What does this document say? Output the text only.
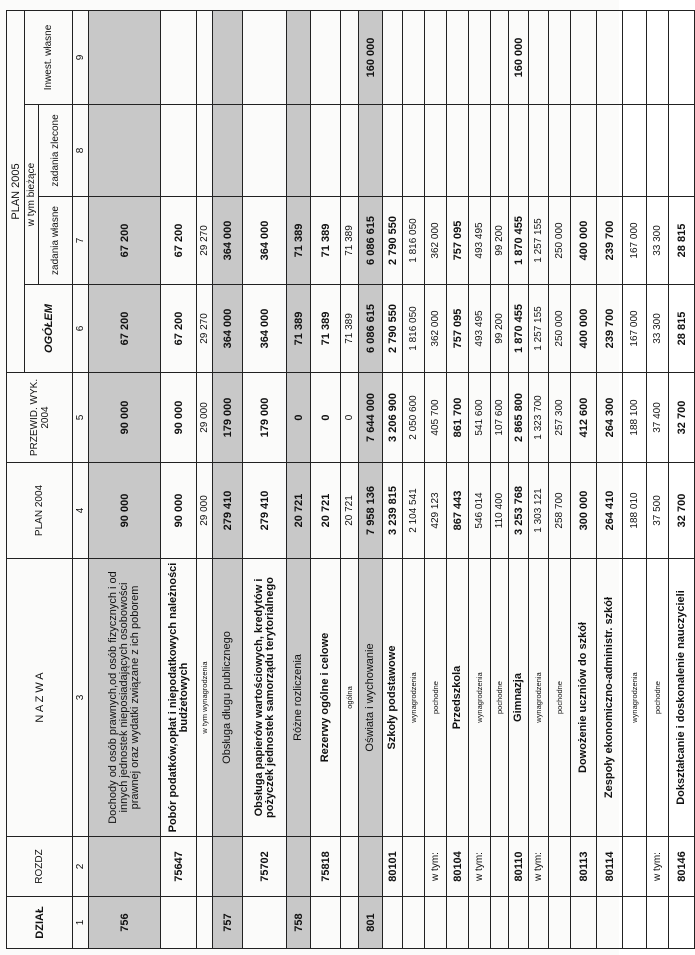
DZIAŁ	ROZDZ	N A Z W A	PLAN 2004	PRZEWID. WYK. 2004	PLAN 2005			
					OGÓŁEM	w tym bieżące		Inwest. własne
						zadania własne	zadania zlecone	

1	2	3	4	5	6	7	8	9
756		Dochody od osób prawnych,od osób fizycznych i od innych jednostek nieposiadających osobowości prawnej oraz wydatki związane z ich poborem	90 000	90 000	67 200	67 200		
	75647	Pobór podatków,opłat i niepodatkowych należności budżetowych	90 000	90 000	67 200	67 200		
		w tym wynagrodzenia	29 000	29 000	29 270	29 270		
757		Obsługa długu publicznego	279 410	179 000	364 000	364 000		
	75702	Obsługa papierów wartościowych, kredytów i pożyczek jednostek samorządu terytorialnego	279 410	179 000	364 000	364 000		
758		Różne rozliczenia	20 721	0	71 389	71 389		
	75818	Rezerwy ogólne i celowe	20 721	0	71 389	71 389		
		ogólna	20 721	0	71 389	71 389		
801		Oświata i wychowanie	7 958 136	7 644 000	6 086 615	6 086 615		160 000
	80101	Szkoły podstawowe	3 239 815	3 206 900	2 790 550	2 790 550		
		wynagrodzenia	2 104 541	2 050 600	1 816 050	1 816 050		
	w tym:	pochodne	429 123	405 700	362 000	362 000		
	80104	Przedszkola	867 443	861 700	757 095	757 095		
	w tym:	wynagrodzenia	546 014	541 600	493 495	493 495		
		pochodne	110 400	107 600	99 200	99 200		
	80110	Gimnazja	3 253 768	2 865 800	1 870 455	1 870 455		160 000
	w tym:	wynagrodzenia	1 303 121	1 323 700	1 257 155	1 257 155		
		pochodne	258 700	257 300	250 000	250 000		
	80113	Dowożenie uczniów do szkół	300 000	412 600	400 000	400 000		
	80114	Zespoły ekonomiczno-administr. szkół	264 410	264 300	239 700	239 700		
		wynagrodzenia	188 010	188 100	167 000	167 000		
	w tym:	pochodne	37 500	37 400	33 300	33 300		
	80146	Dokształcanie i doskonalenie nauczycieli	32 700	32 700	28 815	28 815		
